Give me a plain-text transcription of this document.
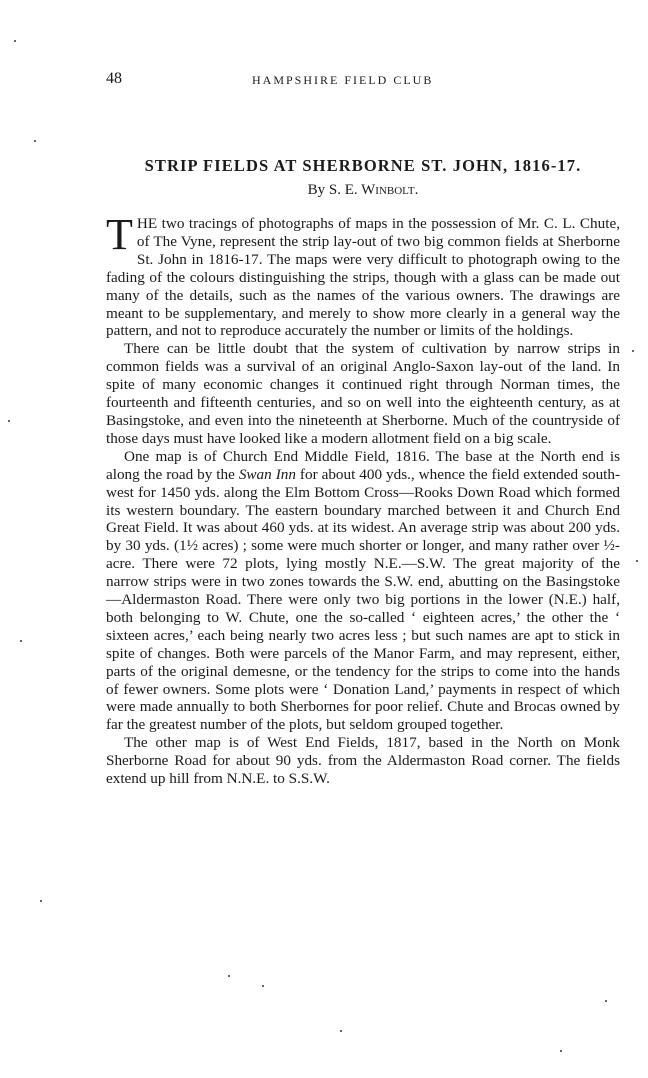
48	HAMPSHIRE FIELD CLUB
STRIP FIELDS AT SHERBORNE ST. JOHN, 1816-17.
By S. E. Winbolt.

THE two tracings of photographs of maps in the possession of Mr. C. L. Chute, of The Vyne, represent the strip lay-out of two big common fields at Sherborne St. John in 1816-17. The maps were very difficult to photograph owing to the fading of the colours distinguishing the strips, though with a glass can be made out many of the details, such as the names of the various owners. The drawings are meant to be supplementary, and merely to show more clearly in a general way the pattern, and not to reproduce accurately the number or limits of the holdings.

There can be little doubt that the system of cultivation by narrow strips in common fields was a survival of an original Anglo-Saxon lay-out of the land. In spite of many economic changes it continued right through Norman times, the fourteenth and fifteenth centuries, and so on well into the eighteenth century, as at Basingstoke, and even into the nineteenth at Sherborne. Much of the countryside of those days must have looked like a modern allotment field on a big scale.

One map is of Church End Middle Field, 1816. The base at the North end is along the road by the Swan Inn for about 400 yds., whence the field extended south-west for 1450 yds. along the Elm Bottom Cross—Rooks Down Road which formed its western boundary. The eastern boundary marched between it and Church End Great Field. It was about 460 yds. at its widest. An average strip was about 200 yds. by 30 yds. (1½ acres) ; some were much shorter or longer, and many rather over ½-acre. There were 72 plots, lying mostly N.E.—S.W. The great majority of the narrow strips were in two zones towards the S.W. end, abutting on the Basingstoke—Aldermaston Road. There were only two big portions in the lower (N.E.) half, both belonging to W. Chute, one the so-called ‘ eighteen acres,’ the other the ‘ sixteen acres,’ each being nearly two acres less ; but such names are apt to stick in spite of changes. Both were parcels of the Manor Farm, and may represent, either, parts of the original demesne, or the tendency for the strips to come into the hands of fewer owners. Some plots were ‘ Donation Land,’ payments in respect of which were made annually to both Sherbornes for poor relief. Chute and Brocas owned by far the greatest number of the plots, but seldom grouped together.

The other map is of West End Fields, 1817, based in the North on Monk Sherborne Road for about 90 yds. from the Aldermaston Road corner. The fields extend up hill from N.N.E. to S.S.W.
